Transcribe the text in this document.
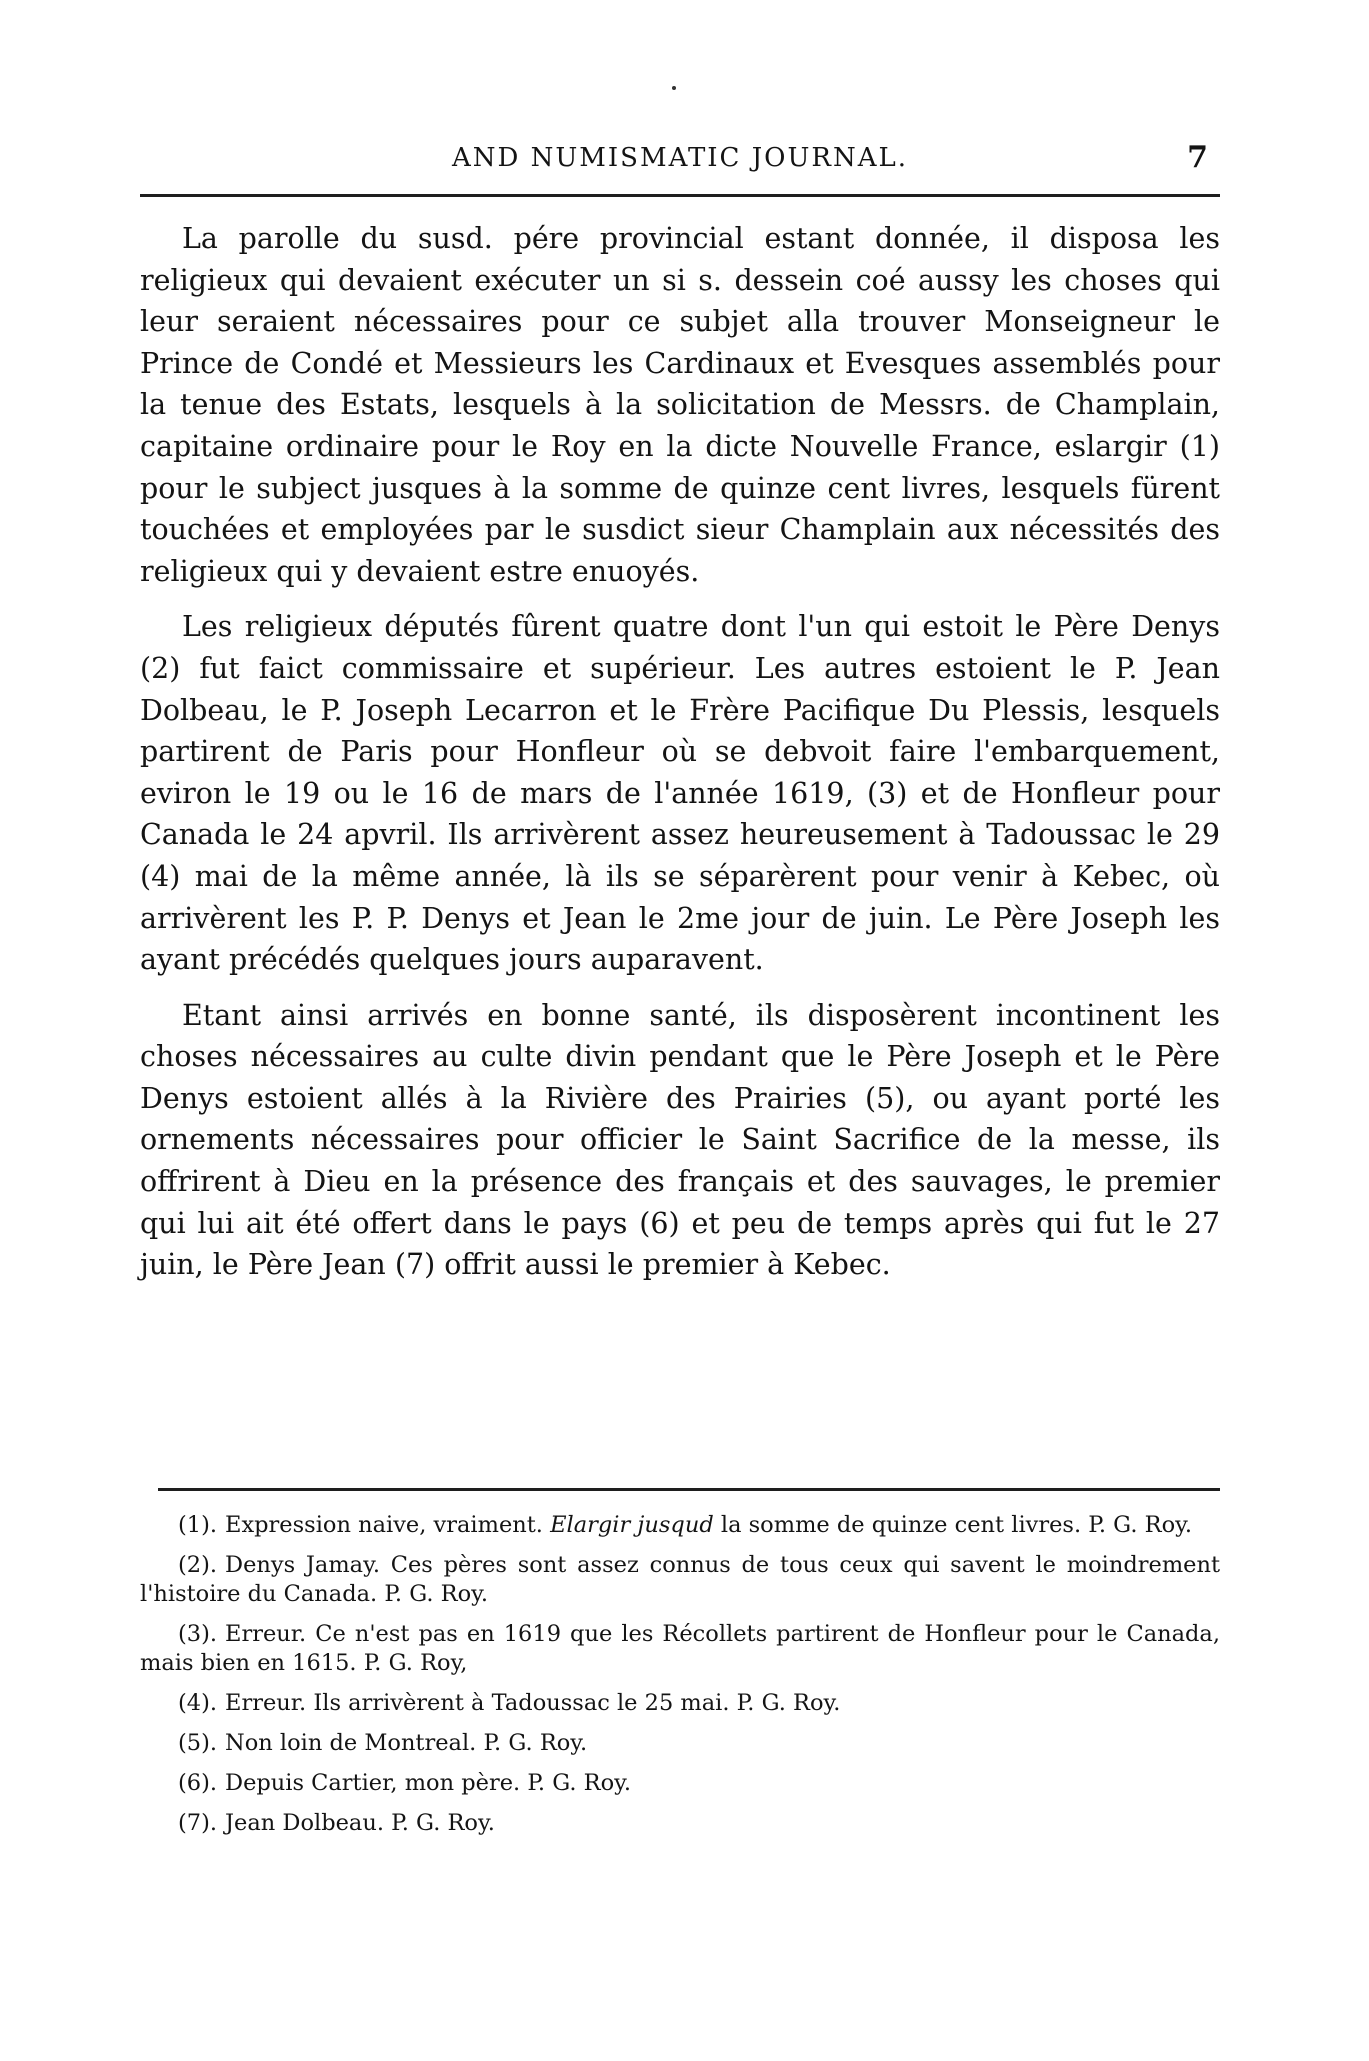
AND NUMISMATIC JOURNAL.	7

La parolle du susd. pére provincial estant donnée, il disposa les religieux qui devaient exécuter un si s. dessein coé aussy les choses qui leur seraient nécessaires pour ce subjet alla trouver Monseigneur le Prince de Condé et Messieurs les Cardinaux et Evesques assemblés pour la tenue des Estats, lesquels à la solicitation de Messrs. de Champlain, capitaine ordinaire pour le Roy en la dicte Nouvelle France, eslargir (1) pour le subject jusques à la somme de quinze cent livres, lesquels fürent touchées et employées par le susdict sieur Champlain aux nécessités des religieux qui y devaient estre enuoyés.

Les religieux députés fûrent quatre dont l'un qui estoit le Père Denys (2) fut faict commissaire et supérieur. Les autres estoient le P. Jean Dolbeau, le P. Joseph Lecarron et le Frère Pacifique Du Plessis, lesquels partirent de Paris pour Honfleur où se debvoit faire l'embarquement, eviron le 19 ou le 16 de mars de l'année 1619, (3) et de Honfleur pour Canada le 24 apvril. Ils arrivèrent assez heureusement à Tadoussac le 29 (4) mai de la même année, là ils se séparèrent pour venir à Kebec, où arrivèrent les P. P. Denys et Jean le 2me jour de juin. Le Père Joseph les ayant précédés quelques jours auparavent.

Etant ainsi arrivés en bonne santé, ils disposèrent incontinent les choses nécessaires au culte divin pendant que le Père Joseph et le Père Denys estoient allés à la Rivière des Prairies (5), ou ayant porté les ornements nécessaires pour officier le Saint Sacrifice de la messe, ils offrirent à Dieu en la présence des français et des sauvages, le premier qui lui ait été offert dans le pays (6) et peu de temps après qui fut le 27 juin, le Père Jean (7) offrit aussi le premier à Kebec.

(1). Expression naive, vraiment. Elargir jusqud la somme de quinze cent livres. P. G. Roy.

(2). Denys Jamay. Ces pères sont assez connus de tous ceux qui savent le moindrement l'histoire du Canada. P. G. Roy.

(3). Erreur. Ce n'est pas en 1619 que les Récollets partirent de Honfleur pour le Canada, mais bien en 1615. P. G. Roy,

(4). Erreur. Ils arrivèrent à Tadoussac le 25 mai. P. G. Roy.

(5). Non loin de Montreal. P. G. Roy.

(6). Depuis Cartier, mon père. P. G. Roy.

(7). Jean Dolbeau. P. G. Roy.
